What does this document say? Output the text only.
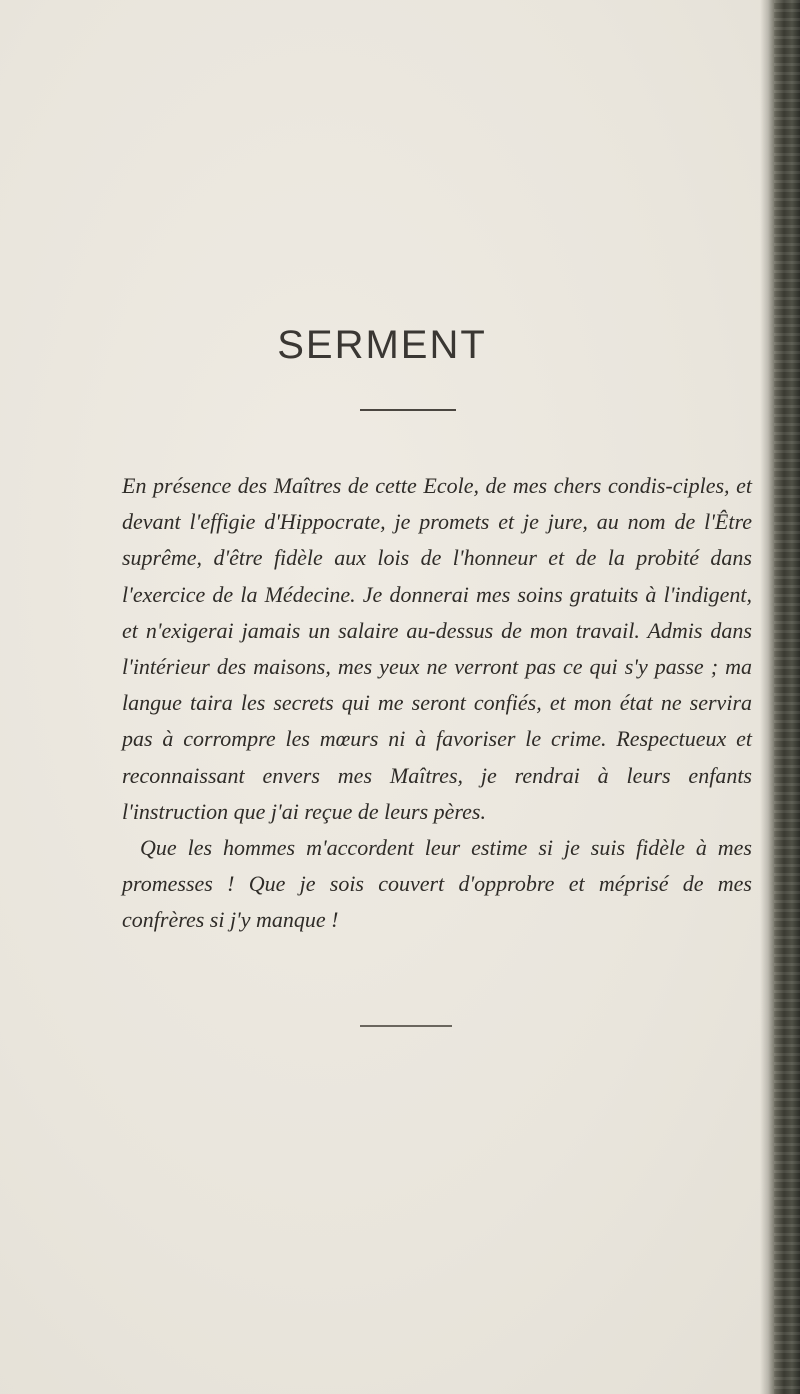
SERMENT

En présence des Maîtres de cette Ecole, de mes chers condis-ciples, et devant l'effigie d'Hippocrate, je promets et je jure, au nom de l'Être suprême, d'être fidèle aux lois de l'honneur et de la probité dans l'exercice de la Médecine. Je donnerai mes soins gratuits à l'indigent, et n'exigerai jamais un salaire au-dessus de mon travail. Admis dans l'intérieur des maisons, mes yeux ne verront pas ce qui s'y passe ; ma langue taira les secrets qui me seront confiés, et mon état ne servira pas à corrompre les mœurs ni à favoriser le crime. Respectueux et reconnaissant envers mes Maîtres, je rendrai à leurs enfants l'instruction que j'ai reçue de leurs pères.

Que les hommes m'accordent leur estime si je suis fidèle à mes promesses ! Que je sois couvert d'opprobre et méprisé de mes confrères si j'y manque !
